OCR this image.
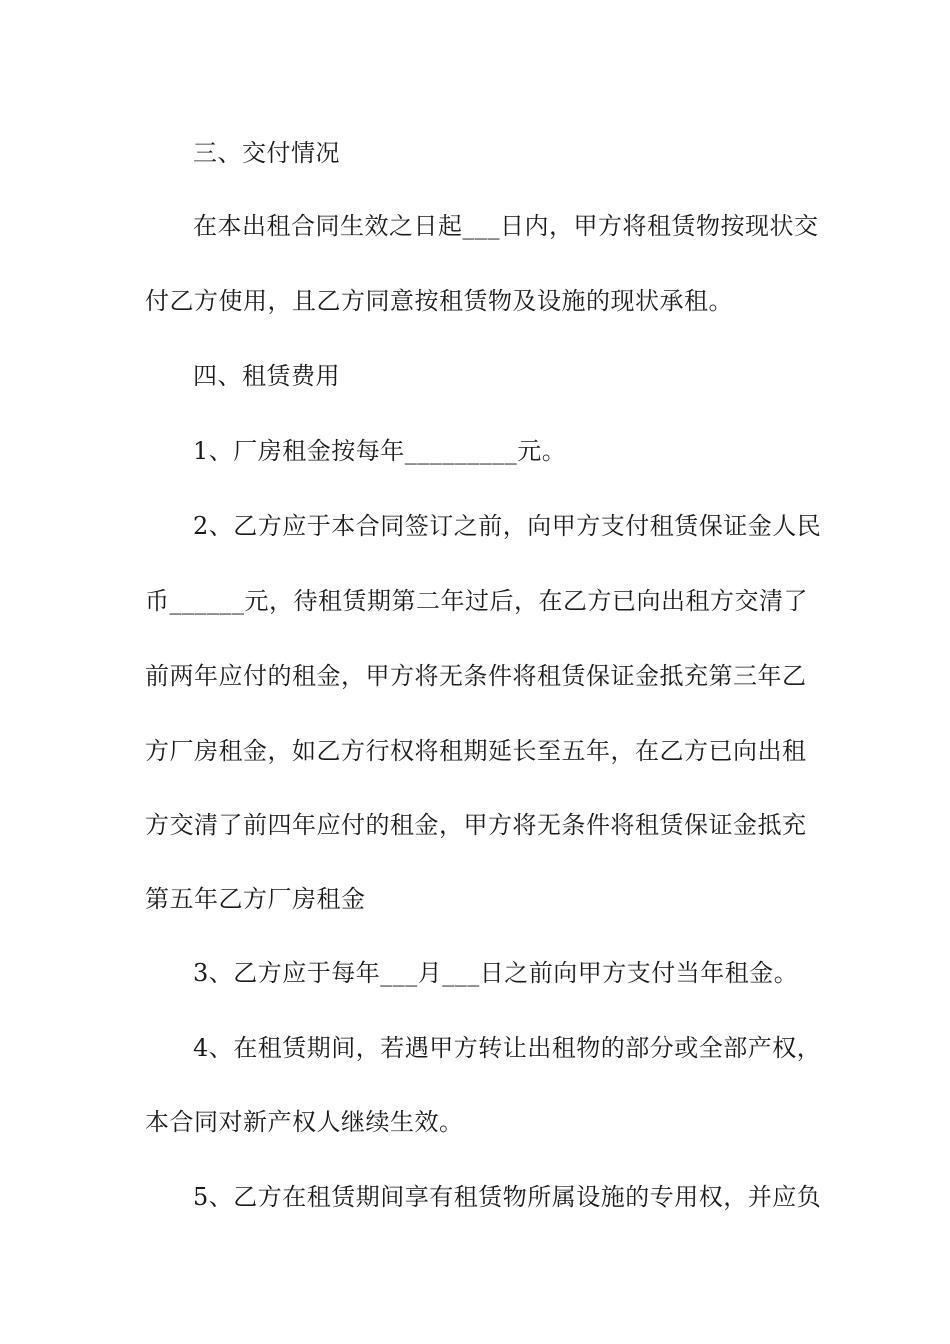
三、交付情况
在本出租合同生效之日起___日内，甲方将租赁物按现状交
付乙方使用，且乙方同意按租赁物及设施的现状承租。
四、租赁费用
1、厂房租金按每年_________元。
2、乙方应于本合同签订之前，向甲方支付租赁保证金人民
币______元，待租赁期第二年过后，在乙方已向出租方交清了
前两年应付的租金，甲方将无条件将租赁保证金抵充第三年乙
方厂房租金，如乙方行权将租期延长至五年，在乙方已向出租
方交清了前四年应付的租金，甲方将无条件将租赁保证金抵充
第五年乙方厂房租金
3、乙方应于每年___月___日之前向甲方支付当年租金。
4、在租赁期间，若遇甲方转让出租物的部分或全部产权，
本合同对新产权人继续生效。
5、乙方在租赁期间享有租赁物所属设施的专用权，并应负
